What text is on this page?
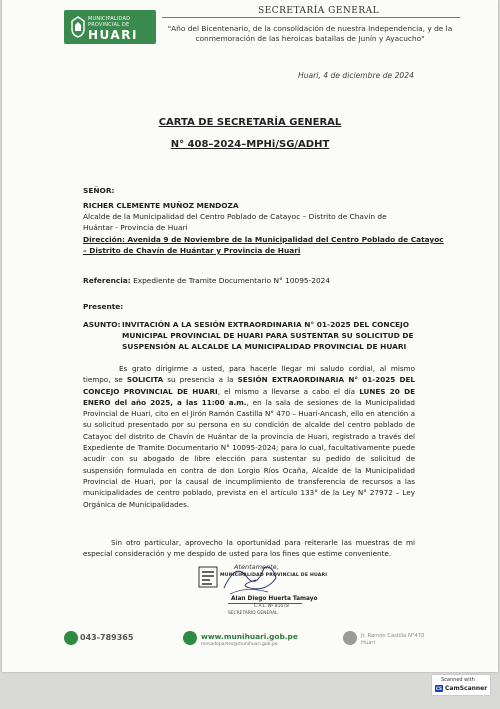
MUNICIPALIDAD PROVINCIAL DE
HUARI
SECRETARÍA GENERAL
"Año del Bicentenario, de la consolidación de nuestra Independencia, y de la
conmemoración de las heroicas batallas de Junín y Ayacucho"
Huari, 4 de diciembre de 2024
CARTA DE SECRETARÍA GENERAL
N° 408–2024–MPHi/SG/ADHT
SEÑOR:
RICHER CLEMENTE MUÑOZ MENDOZA
Alcalde de la Municipalidad del Centro Poblado de Catayoc – Distrito de Chavín de
Huántar - Provincia de Huari
Dirección: Avenida 9 de Noviembre de la Municipalidad del Centro Poblado de Catayoc
– Distrito de Chavín de Huántar y Provincia de Huari
Referencia: Expediente de Tramite Documentario N° 10095-2024
Presente:
ASUNTO: INVITACIÓN A LA SESIÓN EXTRAORDINARIA N° 01-2025 DEL CONCEJO
MUNICIPAL PROVINCIAL DE HUARI PARA SUSTENTAR SU SOLICITUD DE
SUSPENSIÓN AL ALCALDE LA MUNICIPALIDAD PROVINCIAL DE HUARI
Es grato dirigirme a usted, para hacerle llegar mi saludo cordial, al mismo tiempo, se SOLICITA su presencia a la SESIÓN EXTRAORDINARIA N° 01-2025 DEL CONCEJO PROVINCIAL DE HUARI, el mismo a llevarse a cabo el día LUNES 20 DE ENERO del año 2025, a las 11:00 a.m., en la sala de sesiones de la Municipalidad Provincial de Huari, cito en el Jirón Ramón Castilla N° 470 – Huari-Ancash, ello en atención a su solicitud presentado por su persona en su condición de alcalde del centro poblado de Catayoc del distrito de Chavín de Huántar de la provincia de Huari, registrado a través del Expediente de Tramite Documentario N° 10095-2024; para lo cual, facultativamente puede acudir con su abogado de libre elección para sustentar su pedido de solicitud de suspensión formulada en contra de don Lorgio Ríos Ocaña, Alcalde de la Municipalidad Provincial de Huari, por la causal de incumplimiento de transferencia de recursos a las municipalidades de centro poblado, prevista en el artículo 133° de la Ley N° 27972 – Ley Orgánica de Municipalidades.
Sin otro particular, aprovecho la oportunidad para reiterarle las muestras de mi especial consideración y me despido de usted para los fines que estime conveniente.
Atentamente,
MUNICIPALIDAD PROVINCIAL DE HUARI
Alan Diego Huerta Tamayo
C.A.L. Nº 81678
SECRETARIO GENERAL
043-789365	www.munihuari.gob.pe
mesadepartes@munihuari.gob.pe
Jr. Ramón Castilla N°470
Huari
Scanned with
CS CamScanner
